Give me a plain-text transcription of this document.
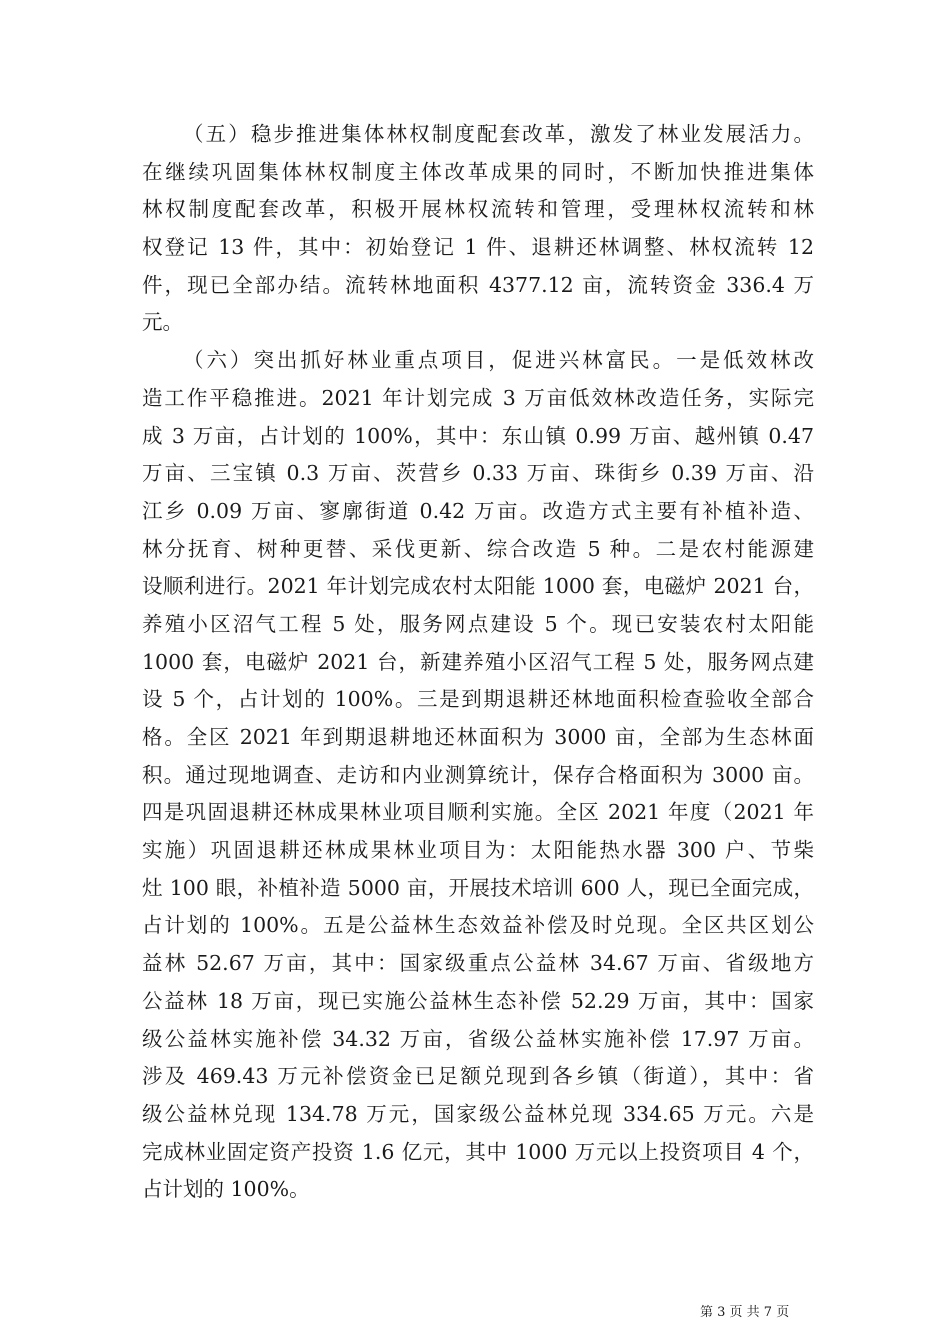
（五）稳步推进集体林权制度配套改革，激发了林业发展活力。
在继续巩固集体林权制度主体改革成果的同时，不断加快推进集体
林权制度配套改革，积极开展林权流转和管理，受理林权流转和林
权登记 13 件，其中：初始登记 1 件、退耕还林调整、林权流转 12
件，现已全部办结。流转林地面积 4377.12 亩，流转资金 336.4 万
元。
（六）突出抓好林业重点项目，促进兴林富民。一是低效林改
造工作平稳推进。2021 年计划完成 3 万亩低效林改造任务，实际完
成 3 万亩，占计划的 100%，其中：东山镇 0.99 万亩、越州镇 0.47
万亩、三宝镇 0.3 万亩、茨营乡 0.33 万亩、珠街乡 0.39 万亩、沿
江乡 0.09 万亩、寥廓街道 0.42 万亩。改造方式主要有补植补造、
林分抚育、树种更替、采伐更新、综合改造 5 种。二是农村能源建
设顺利进行。2021 年计划完成农村太阳能 1000 套，电磁炉 2021 台，
养殖小区沼气工程 5 处，服务网点建设 5 个。现已安装农村太阳能
1000 套，电磁炉 2021 台，新建养殖小区沼气工程 5 处，服务网点建
设 5 个，占计划的 100%。三是到期退耕还林地面积检查验收全部合
格。全区 2021 年到期退耕地还林面积为 3000 亩，全部为生态林面
积。通过现地调查、走访和内业测算统计，保存合格面积为 3000 亩。
四是巩固退耕还林成果林业项目顺利实施。全区 2021 年度（2021 年
实施）巩固退耕还林成果林业项目为：太阳能热水器 300 户、节柴
灶 100 眼，补植补造 5000 亩，开展技术培训 600 人，现已全面完成，
占计划的 100%。五是公益林生态效益补偿及时兑现。全区共区划公
益林 52.67 万亩，其中：国家级重点公益林 34.67 万亩、省级地方
公益林 18 万亩，现已实施公益林生态补偿 52.29 万亩，其中：国家
级公益林实施补偿 34.32 万亩，省级公益林实施补偿 17.97 万亩。
涉及 469.43 万元补偿资金已足额兑现到各乡镇（街道），其中：省
级公益林兑现 134.78 万元，国家级公益林兑现 334.65 万元。六是
完成林业固定资产投资 1.6 亿元，其中 1000 万元以上投资项目 4 个，
占计划的 100%。
第 3 页 共 7 页
